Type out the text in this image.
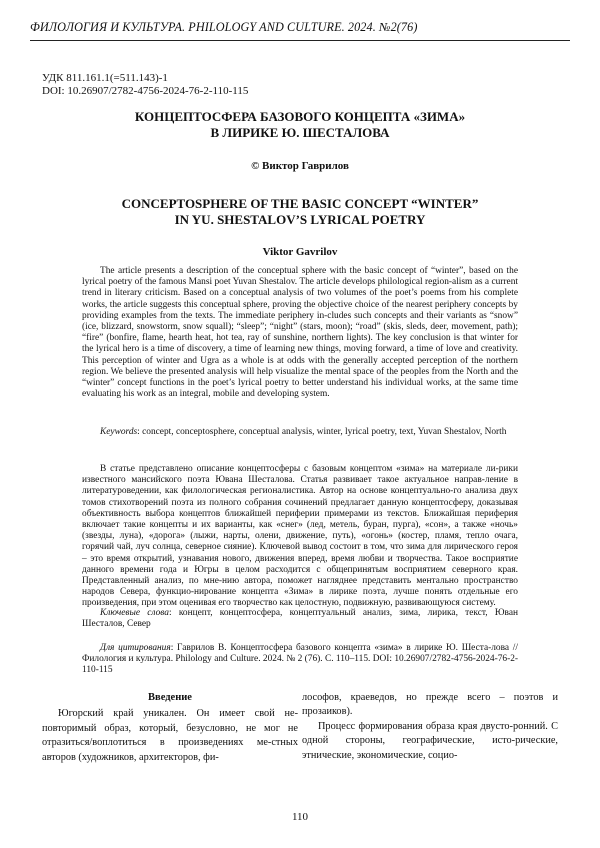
ФИЛОЛОГИЯ И КУЛЬТУРА. PHILOLOGY AND CULTURE. 2024. №2(76)
УДК 811.161.1(=511.143)-1
DOI: 10.26907/2782-4756-2024-76-2-110-115
КОНЦЕПТОСФЕРА БАЗОВОГО КОНЦЕПТА «ЗИМА»
В ЛИРИКЕ Ю. ШЕСТАЛОВА
© Виктор Гаврилов
CONCEPTOSPHERE OF THE BASIC CONCEPT “WINTER”
IN YU. SHESTALOV’S LYRICAL POETRY
Viktor Gavrilov

The article presents a description of the conceptual sphere with the basic concept of “winter”, based on the lyrical poetry of the famous Mansi poet Yuvan Shestalov. The article develops philological region-alism as a current trend in literary criticism. Based on a conceptual analysis of two volumes of the poet’s poems from his complete works, the article suggests this conceptual sphere, proving the objective choice of the nearest periphery concepts by providing examples from the texts. The immediate periphery in-cludes such concepts and their variants as “snow” (ice, blizzard, snowstorm, snow squall); “sleep”; “night” (stars, moon); “road” (skis, sleds, deer, movement, path); “fire” (bonfire, flame, hearth heat, hot tea, ray of sunshine, northern lights). The key conclusion is that winter for the lyrical hero is a time of discovery, a time of learning new things, moving forward, a time of love and creativity. This perception of winter and Ugra as a whole is at odds with the generally accepted perception of the northern region. We believe the presented analysis will help visualize the mental space of the peoples from the North and the “winter” concept functions in the poet’s lyrical poetry to better understand his individual works, at the same time evaluating his work as an integral, mobile and developing system.

Keywords: concept, conceptosphere, conceptual analysis, winter, lyrical poetry, text, Yuvan Shestalov, North

В статье представлено описание концептосферы с базовым концептом «зима» на материале ли-рики известного мансийского поэта Ювана Шесталова. Статья развивает такое актуальное направ-ление в литературоведении, как филологическая регионалистика. Автор на основе концептуально-го анализа двух томов стихотворений поэта из полного собрания сочинений предлагает данную концептосферу, доказывая объективность выбора концептов ближайшей периферии примерами из текстов. Ближайшая периферия включает такие концепты и их варианты, как «снег» (лед, метель, буран, пурга), «сон», а также «ночь» (звезды, луна), «дорога» (лыжи, нарты, олени, движение, путь), «огонь» (костер, пламя, тепло очага, горячий чай, луч солнца, северное сияние). Ключевой вывод состоит в том, что зима для лирического героя – это время открытий, узнавания нового, движения вперед, время любви и творчества. Такое восприятие данного времени года и Югры в целом расходится с общепринятым восприятием северного края. Представленный анализ, по мне-нию автора, поможет нагляднее представить ментально пространство народов Севера, функцио-нирование концепта «Зима» в лирике поэта, лучше понять отдельные его произведения, при этом оценивая его творчество как целостную, подвижную, развивающуюся систему.

Ключевые слова: концепт, концептосфера, концептуальный анализ, зима, лирика, текст, Юван Шесталов, Север

Для цитирования: Гаврилов В. Концептосфера базового концепта «зима» в лирике Ю. Шеста-лова // Филология и культура. Philology and Culture. 2024. № 2 (76). С. 110–115. DOI: 10.26907/2782-4756-2024-76-2-110-115

Введение

Югорский край уникален. Он имеет свой не-повторимый образ, который, безусловно, не мог не отразиться/воплотиться в произведениях ме-стных авторов (художников, архитекторов, фи-

лософов, краеведов, но прежде всего – поэтов и прозаиков).

Процесс формирования образа края двусто-ронний. С одной стороны, географические, исто-рические, этнические, экономические, социо-

110
